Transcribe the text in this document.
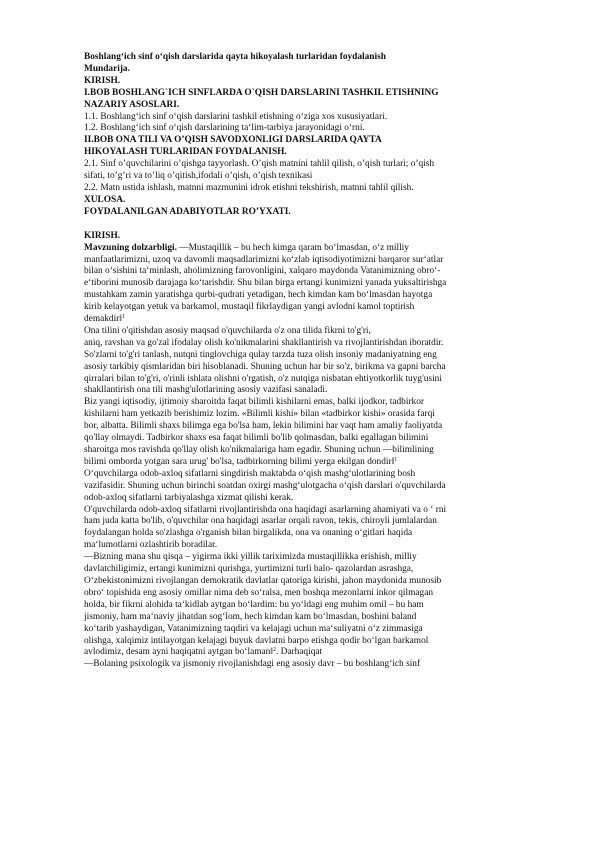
Boshlang‘ich sinf o‘qish darslarida qayta hikoyalash turlaridan foydalanish
Mundarija.
KIRISH.
I.BOB BOSHLANG`ICH SINFLARDA O`QISH DARSLARINI TASHKIL ETISHNING
NAZARIY ASOSLARI.
1.1. Boshlang‘ich sinf o‘qish darslarini tashkil etishning o‘ziga xos xususiyatlari.
1.2. Boshlang‘ich sinf o‘qish darslarining ta‘lim-tarbiya jarayonidagi o‘rni.
II.BOB ONA TILI VA O’QISH SAVODXONLIGI DARSLARIDA QAYTA
HIKOYALASH TURLARIDAN FOYDALANISH.
2.1. Sinf o’quvchilarini o’qishga tayyorlash. O’qish matnini tahlil qilish, o’qish turlari; o’qish
sifati, to’g’ri va to’liq o’qitish,ifodali o’qish, o’qish texnikasi
2.2. Matn ustida ishlash, matnni mazmunini idrok etishni tekshirish, matnni tahlil qilish.
XULOSA.
FOYDALANILGAN ADABIYOTLAR RO’YXATI.
KIRISH.
Mavzuning dolzarbligi. ―Mustaqillik – bu hech kimga qaram bo‘lmasdan, o‘z milliy
manfaatlarimizni, uzoq va davomli maqsadlarimizni ko‘zlab iqtisodiyotimizni barqaror sur‘atlar
bilan o‘sishini ta‘minlash, aholimizning farovonligini, xalqaro maydonda Vatanimizning obro‘-
e‘tiborini munosib darajaga ko‘tarishdir. Shu bilan birga ertangi kunimizni yanada yuksaltirishga
mustahkam zamin yaratishga qurbi-qudrati yetadigan, hech kimdan kam bo‘lmasdan hayotga
kirib kelayotgan yetuk va barkamol, mustaqil fikrlaydigan yangi avlodni kamol toptirish
demakdir‖$^1$
Ona tilini o'qitishdan asosiy maqsad o'quvchilarda o'z ona tilida fikrni to'g'ri,
aniq, ravshan va go'zal ifodalay olish ko'nikmalarini shakllantirish va rivojlantirishdan iboratdir.
So'zlarni to'g'ri tanlash, nutqni tinglovchiga qulay tarzda tuza olish insoniy madaniyatning eng
asosiy tarkibiy qismlaridan biri hisoblanadi. Shuning uchun har bir so'z, birikma va gapni barcha
qirralari bilan to'g'ri, o'rinli ishlata olishni o'rgatish, o'z nutqiga nisbatan ehtiyotkorlik tuyg'usini
shakllantirish ona tili mashg'ulotlarining asosiy vazifasi sanaladi.
Biz yangi iqtisodiy, ijtimoiy sharoitda faqat bilimli kishilarni emas, balki ijodkor, tadbirkor
kishilarni ham yetkazib berishimiz lozim. «Bilimli kishi» bilan «tadbirkor kishi» orasida farqi
bor, albatta. Bilimli shaxs bilimga ega bo'lsa ham, lekin bilimini har vaqt ham amaliy faoliyatda
qo'llay olmaydi. Tadbirkor shaxs esa faqat bilimli bo'lib qolmasdan, balki egallagan bilimini
sharoitga mos ravishda qo'llay olish ko'nikmalariga ham egadir. Shuning uchun ―bilimlining
bilimi omborda yotgan sara urug' bo'lsa, tadbirkorning bilimi yerga ekilgan dondir‖$^1$
O‘quvchilarga odob-axloq sifatlarni singdirish maktabda o‘qish mashg‘ulotlarining bosh
vazifasidir. Shuning uchun birinchi soatdan oxirgi mashg‘ulotgacha o‘qish darslari o'quvchilarda
odob-axloq sifatlarni tarbiyalashga xizmat qilishi kerak.
O'quvchilarda odob-axloq sifatlarni rivojlantirishda ona haqidagi asarlarning ahamiyati va o ‘ rni
ham juda katta bo'lib, o'quvchilar ona haqidagi asarlar orqali ravon, tekis, chiroyli jumlalardan
foydalangan holda so'zlashga o'rganish bilan birgalikda, ona va onaning o‘gitlari haqida
ma‘lumotlarni ozlashtirib boradilar.
―Bizning mana shu qisqa – yigirma ikki yillik tariximizda mustaqillikka erishish, milliy
davlatchiligimiz, ertangi kunimizni qurishga, yurtimizni turli balo- qazolardan asrashga,
O‘zbekistonimizni rivojlangan demokratik davlatlar qatoriga kirishi, jahon maydonida munosib
obro‘ topishida eng asosiy omillar nima deb so‘ralsa, men boshqa mezonlarni inkor qilmagan
holda, bir fikrni alohida ta‘kidlab aytgan bo‘lardim: bu yo‘ldagi eng muhim omil – bu ham
jismoniy, ham ma‘naviy jihatdan sog‘lom, hech kimdan kam bo‘lmasdan, boshini baland
ko‘tarib yashaydigan, Vatanimizning taqdiri va kelajagi uchun ma‘suliyatni o‘z zimmasiga
olishga, xalqimiz intilayotgan kelajagi buyuk davlatni barpo etishga qodir bo‘lgan barkamol
avlodimiz, desam ayni haqiqatni aytgan bo‘laman‖$^2$. Darhaqiqat
―Bolaning psixologik va jismoniy rivojlanishdagi eng asosiy davr – bu boshlang‘ich sinf
